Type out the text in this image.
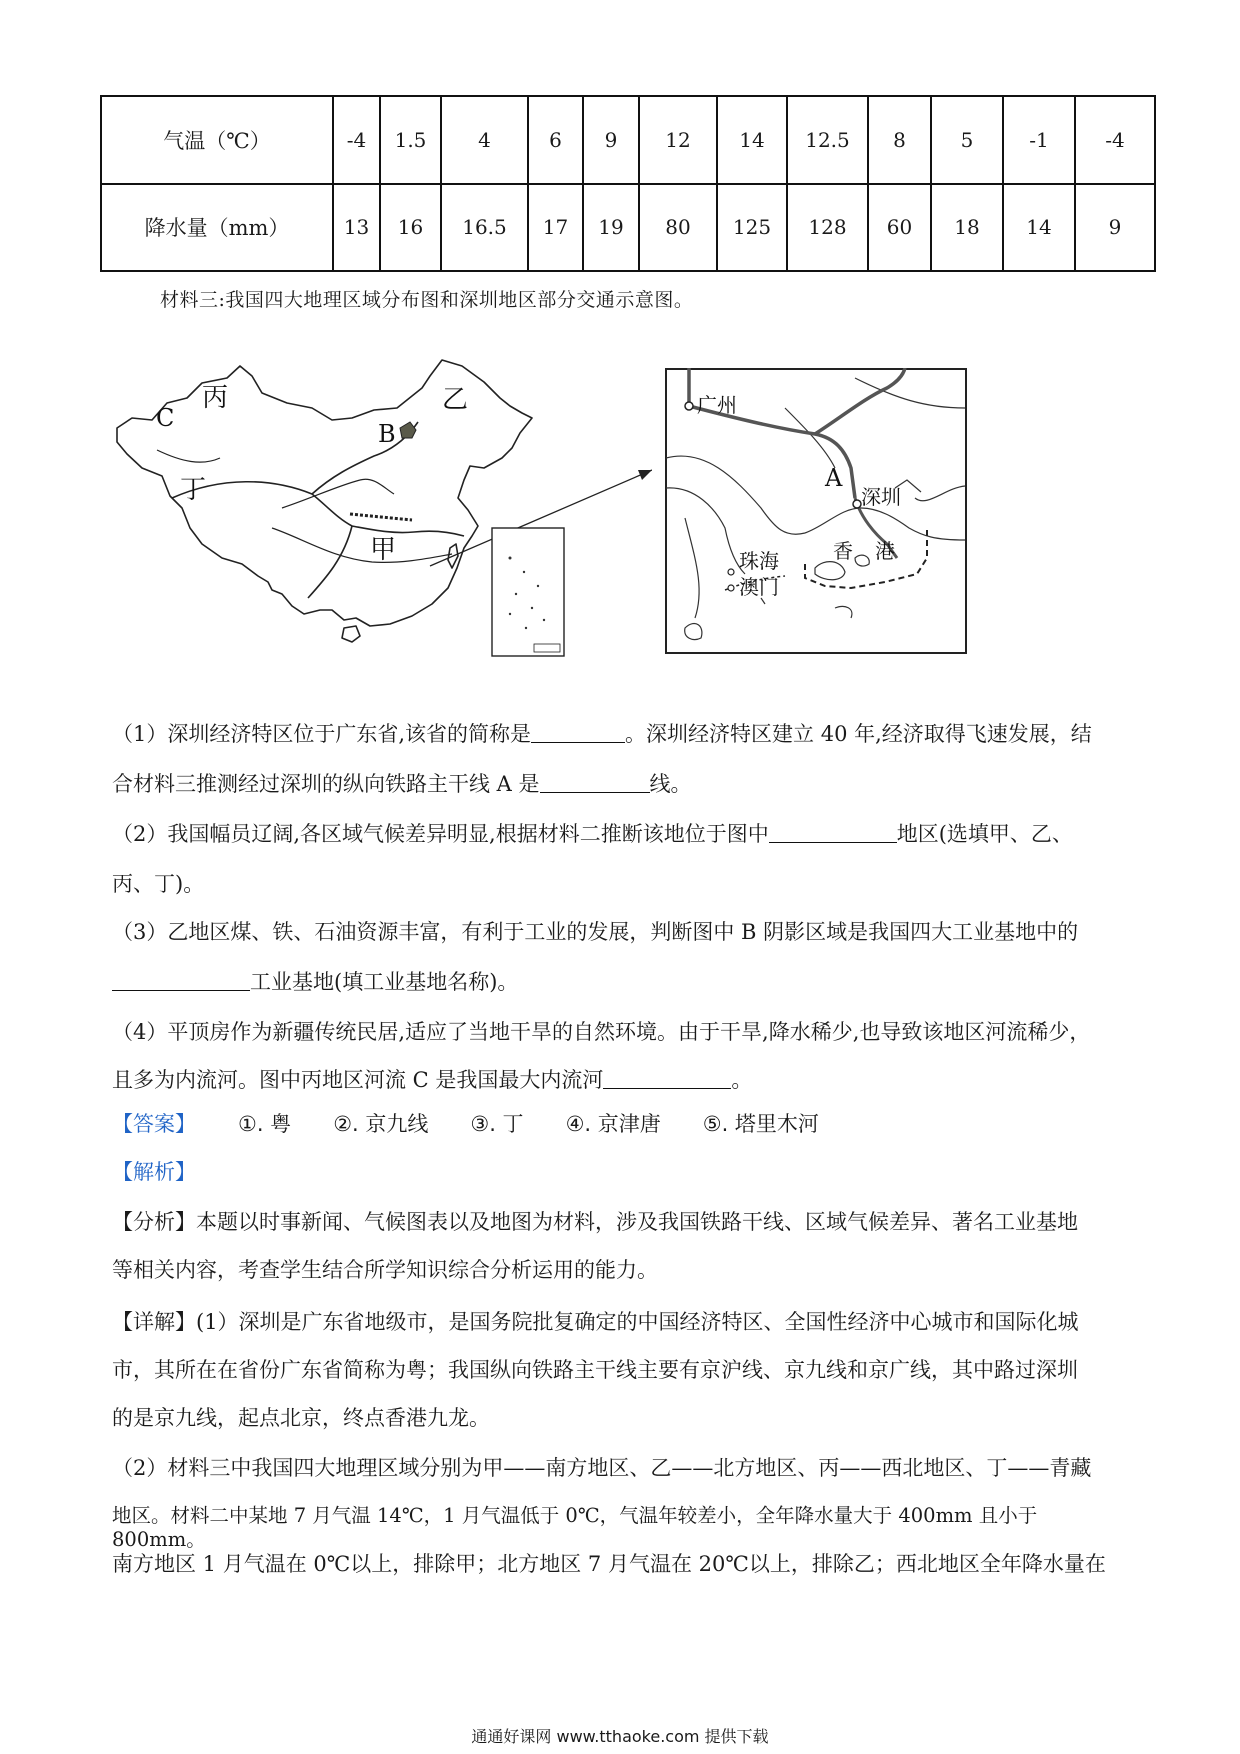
气温（℃）	-4	1.5	4	6	9	12	14	12.5	8	5	-1	-4
降水量（mm）	13	16	16.5	17	19	80	125	128	60	18	14	9
材料三:我国四大地理区域分布图和深圳地区部分交通示意图。
丙	乙
C
B
丁
甲
广州
A
深圳
珠海
澳门
香港
（1）深圳经济特区位于广东省,该省的简称是	。深圳经济特区建立 40 年,经济取得飞速发展，结
合材料三推测经过深圳的纵向铁路主干线 A 是	线。
（2）我国幅员辽阔,各区域气候差异明显,根据材料二推断该地位于图中	地区(选填甲、乙、
丙、丁)。
（3）乙地区煤、铁、石油资源丰富，有利于工业的发展，判断图中 B 阴影区域是我国四大工业基地中的
工业基地(填工业基地名称)。
（4）平顶房作为新疆传统民居,适应了当地干旱的自然环境。由于干旱,降水稀少,也导致该地区河流稀少，
且多为内流河。图中丙地区河流 C 是我国最大内流河	。
【答案】 ①. 粤 ②. 京九线 ③. 丁 ④. 京津唐 ⑤. 塔里木河
【解析】
【分析】本题以时事新闻、气候图表以及地图为材料，涉及我国铁路干线、区域气候差异、著名工业基地
等相关内容，考查学生结合所学知识综合分析运用的能力。
【详解】(1）深圳是广东省地级市，是国务院批复确定的中国经济特区、全国性经济中心城市和国际化城
市，其所在在省份广东省简称为粤；我国纵向铁路主干线主要有京沪线、京九线和京广线，其中路过深圳
的是京九线，起点北京，终点香港九龙。
（2）材料三中我国四大地理区域分别为甲——南方地区、乙——北方地区、丙——西北地区、丁——青藏
地区。材料二中某地 7 月气温 14℃，1 月气温低于 0℃，气温年较差小，全年降水量大于 400mm 且小于 800mm。
南方地区 1 月气温在 0℃以上，排除甲；北方地区 7 月气温在 20℃以上，排除乙；西北地区全年降水量在
通通好课网 www.tthaoke.com 提供下载
